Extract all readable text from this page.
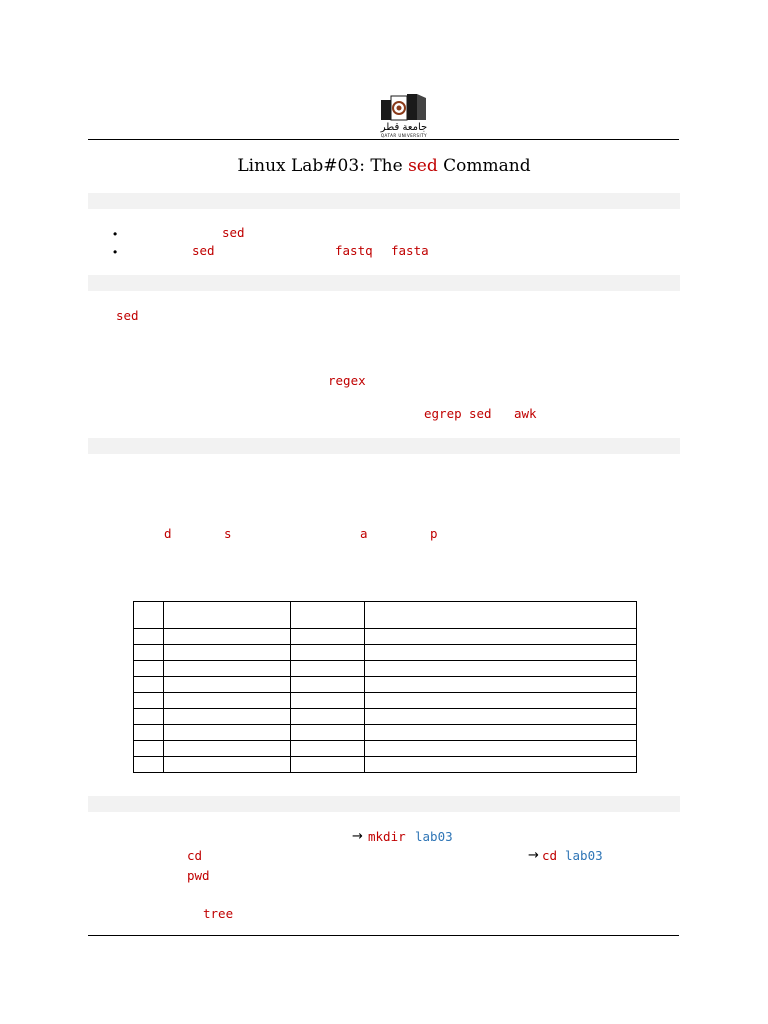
جامعة قطر
QATAR UNIVERSITY
Linux Lab#03: The sed Command
•	sed
•	sed	fastq fasta
sed
regex
egrep sed awk
d	s	a	p

→ mkdir lab03
cd	→ cd lab03
pwd
tree
